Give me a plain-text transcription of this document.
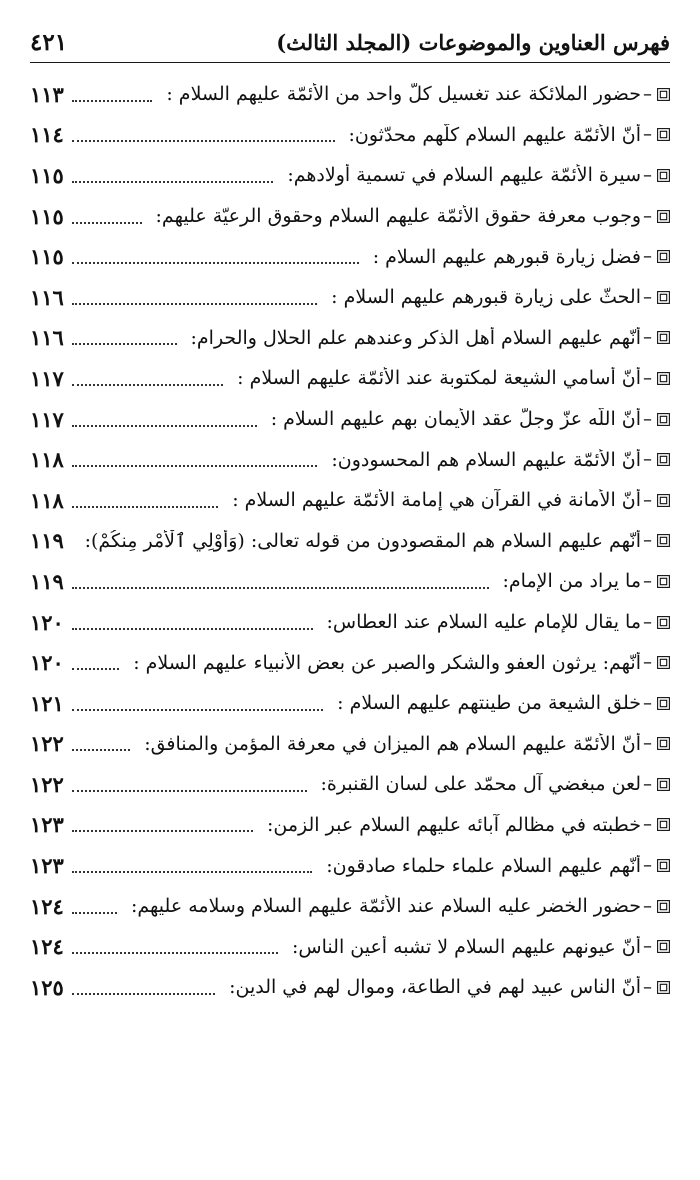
فهرس العناوين والموضوعات (المجلد الثالث)
٤٢١
–
حضور الملائكة عند تغسيل كلّ واحد من الأئمّة عليهم السلام :
١١٣
–
أنّ الأئمّة عليهم السلام كلّهم محدّثون:
١١٤
–
سيرة الأئمّة عليهم السلام في تسمية أولادهم:
١١٥
–
وجوب معرفة حقوق الأئمّة عليهم السلام وحقوق الرعيّة عليهم:
١١٥
–
فضل زيارة قبورهم عليهم السلام :
١١٥
–
الحثّ على زيارة قبورهم عليهم السلام :
١١٦
–
أنّهم عليهم السلام أهل الذكر وعندهم علم الحلال والحرام:
١١٦
–
أنّ أسامي الشيعة لمكتوبة عند الأئمّة عليهم السلام :
١١٧
–
أنّ اللّه عزّ وجلّ عقد الأيمان بهم عليهم السلام :
١١٧
–
أنّ الأئمّة عليهم السلام هم المحسودون:
١١٨
–
أنّ الأمانة في القرآن هي إمامة الأئمّة عليهم السلام :
١١٨
–
أنّهم عليهم السلام هم المقصودون من قوله تعالى: (وَأُوْلِي ٱلْأَمْرِ مِنكُمْ):
١١٩
–
ما يراد من الإمام:
١١٩
–
ما يقال للإمام عليه السلام عند العطاس:
١٢٠
–
أنّهم: يرثون العفو والشكر والصبر عن بعض الأنبياء عليهم السلام :
١٢٠
–
خلق الشيعة من طينتهم عليهم السلام :
١٢١
–
أنّ الأئمّة عليهم السلام هم الميزان في معرفة المؤمن والمنافق:
١٢٢
–
لعن مبغضي آل محمّد على لسان القنبرة:
١٢٢
–
خطبته في مظالم آبائه عليهم السلام عبر الزمن:
١٢٣
–
أنّهم عليهم السلام علماء حلماء صادقون:
١٢٣
–
حضور الخضر عليه السلام عند الأئمّة عليهم السلام وسلامه عليهم:
١٢٤
–
أنّ عيونهم عليهم السلام لا تشبه أعين الناس:
١٢٤
–
أنّ الناس عبيد لهم في الطاعة، وموال لهم في الدين:
١٢٥
